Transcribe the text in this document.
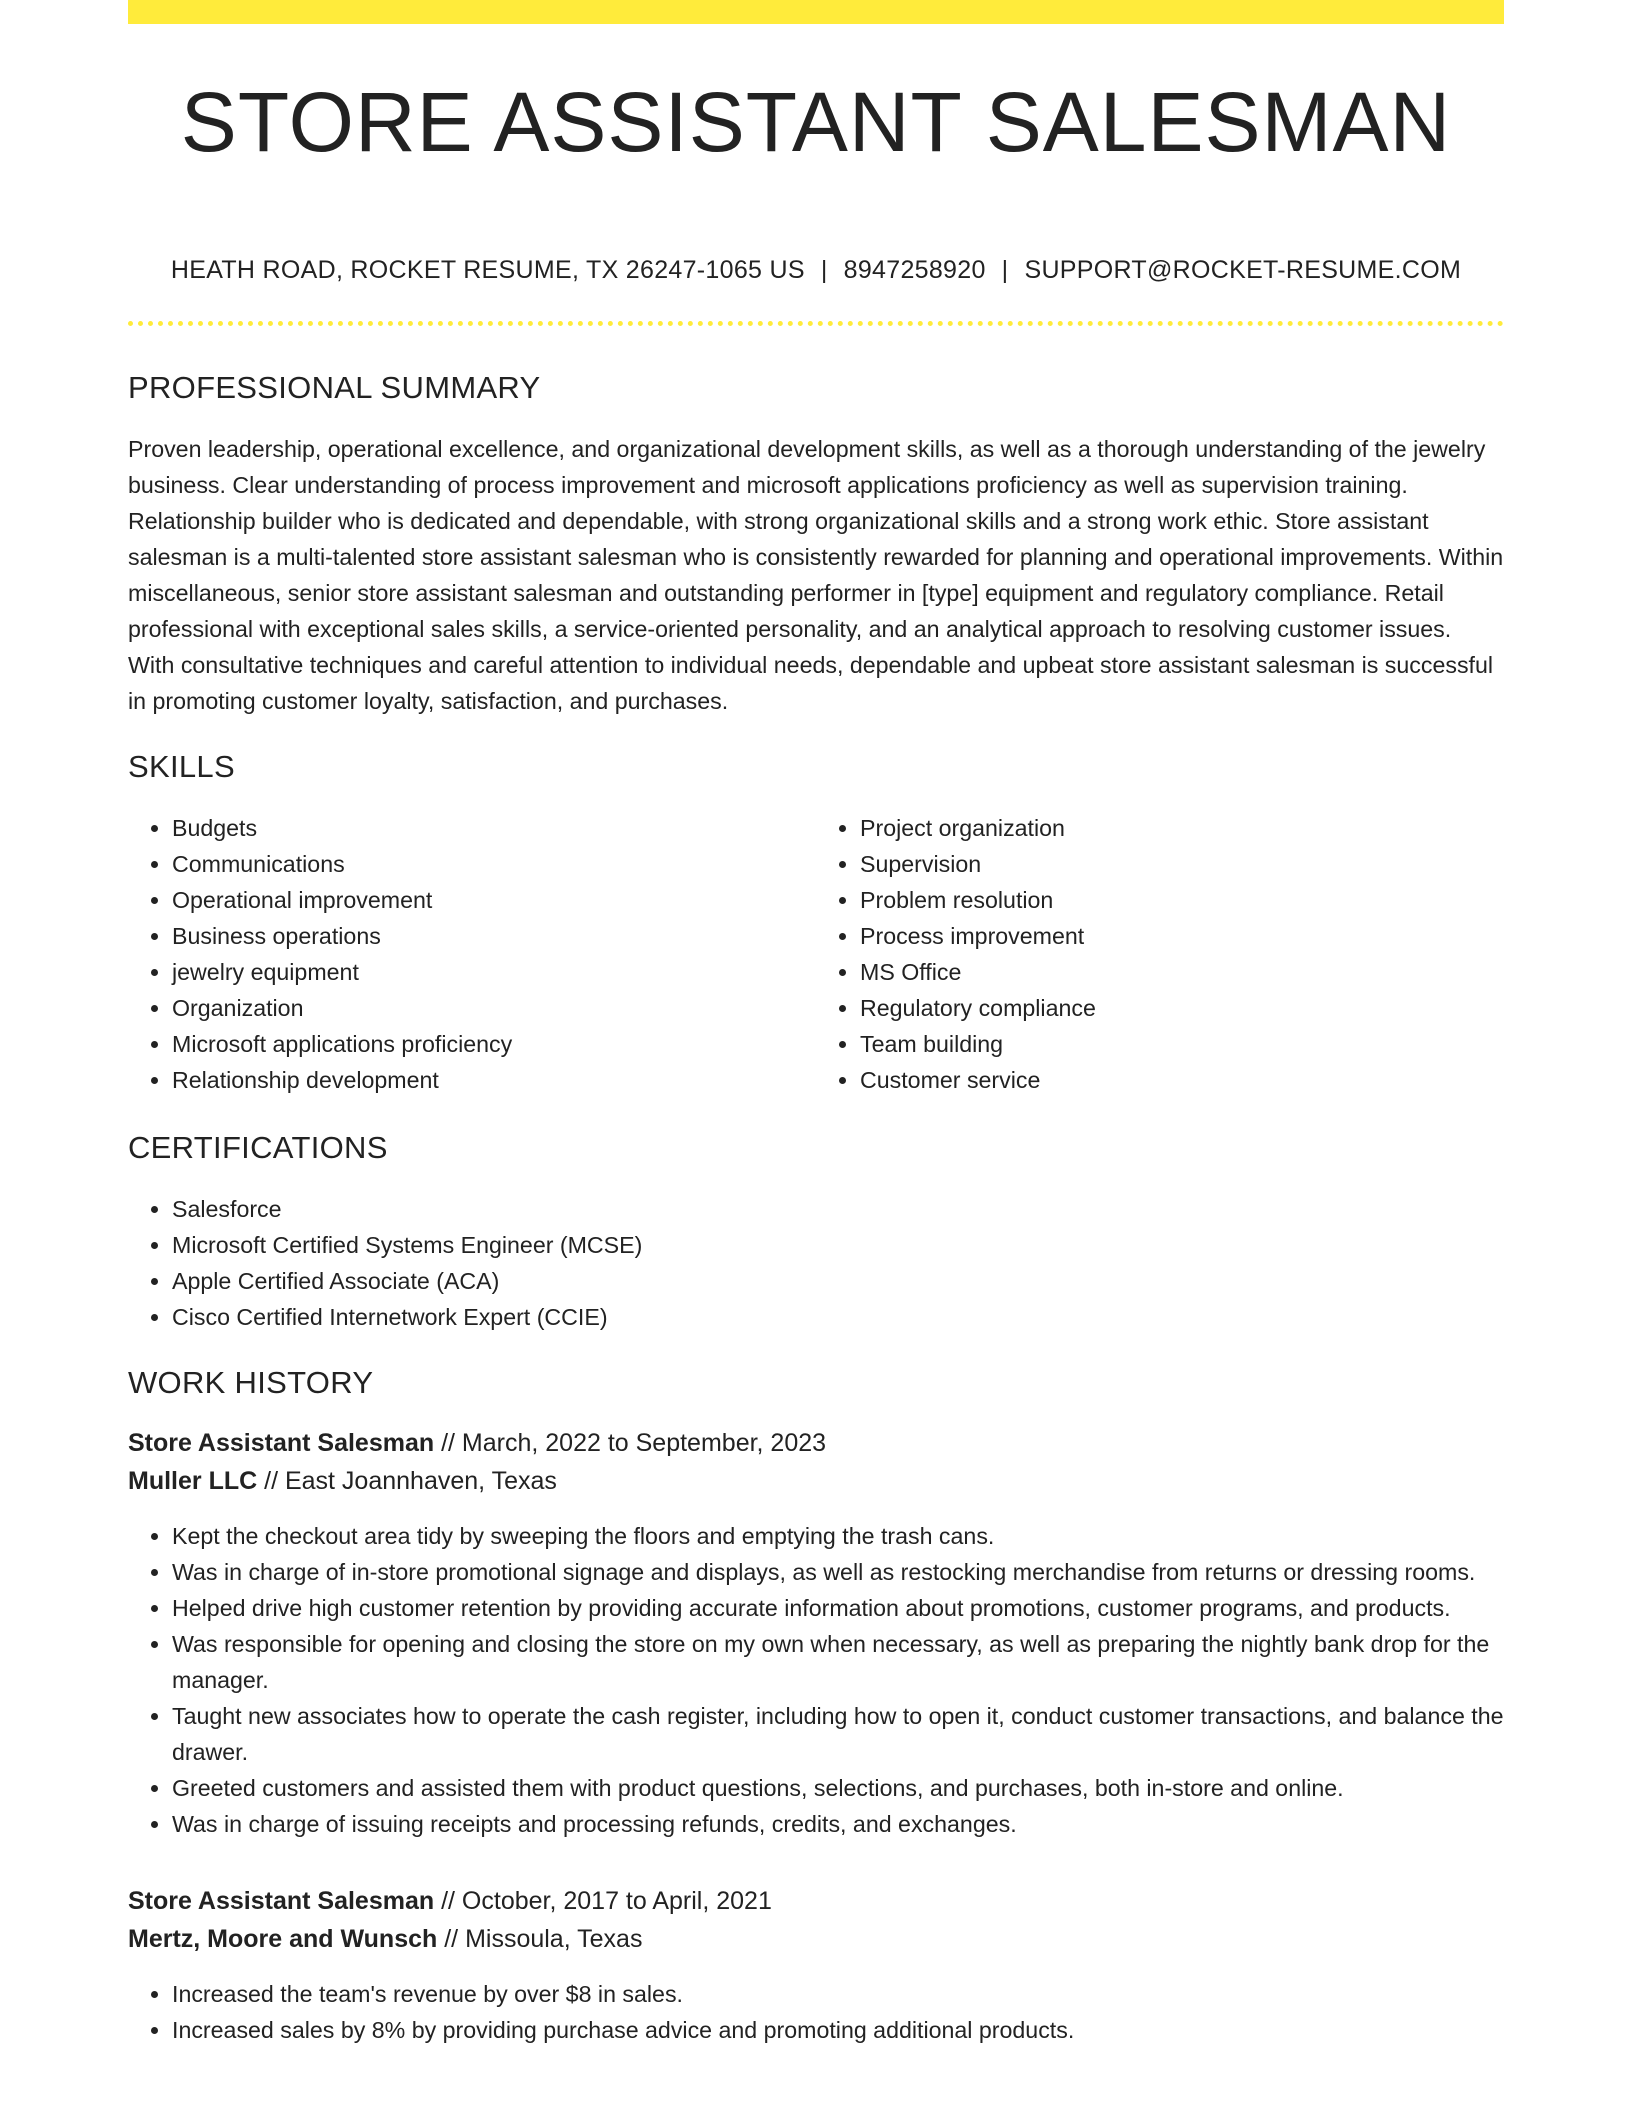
STORE ASSISTANT SALESMAN
HEATH ROAD, ROCKET RESUME, TX 26247-1065 US | 8947258920 | SUPPORT@ROCKET-RESUME.COM
PROFESSIONAL SUMMARY

Proven leadership, operational excellence, and organizational development skills, as well as a thorough understanding of the jewelry business. Clear understanding of process improvement and microsoft applications proficiency as well as supervision training. Relationship builder who is dedicated and dependable, with strong organizational skills and a strong work ethic. Store assistant salesman is a multi-talented store assistant salesman who is consistently rewarded for planning and operational improvements. Within miscellaneous, senior store assistant salesman and outstanding performer in [type] equipment and regulatory compliance. Retail professional with exceptional sales skills, a service-oriented personality, and an analytical approach to resolving customer issues. With consultative techniques and careful attention to individual needs, dependable and upbeat store assistant salesman is successful in promoting customer loyalty, satisfaction, and purchases.

SKILLS
• Budgets
• Communications
• Operational improvement
• Business operations
• jewelry equipment
• Organization
• Microsoft applications proficiency
• Relationship development
• Project organization
• Supervision
• Problem resolution
• Process improvement
• MS Office
• Regulatory compliance
• Team building
• Customer service
CERTIFICATIONS
• Salesforce
• Microsoft Certified Systems Engineer (MCSE)
• Apple Certified Associate (ACA)
• Cisco Certified Internetwork Expert (CCIE)
WORK HISTORY
Store Assistant Salesman // March, 2022 to September, 2023
Muller LLC // East Joannhaven, Texas
• Kept the checkout area tidy by sweeping the floors and emptying the trash cans.
• Was in charge of in-store promotional signage and displays, as well as restocking merchandise from returns or dressing rooms.
• Helped drive high customer retention by providing accurate information about promotions, customer programs, and products.
• Was responsible for opening and closing the store on my own when necessary, as well as preparing the nightly bank drop for the manager.
• Taught new associates how to operate the cash register, including how to open it, conduct customer transactions, and balance the drawer.
• Greeted customers and assisted them with product questions, selections, and purchases, both in-store and online.
• Was in charge of issuing receipts and processing refunds, credits, and exchanges.
Store Assistant Salesman // October, 2017 to April, 2021
Mertz, Moore and Wunsch // Missoula, Texas
• Increased the team's revenue by over $8 in sales.
• Increased sales by 8% by providing purchase advice and promoting additional products.
